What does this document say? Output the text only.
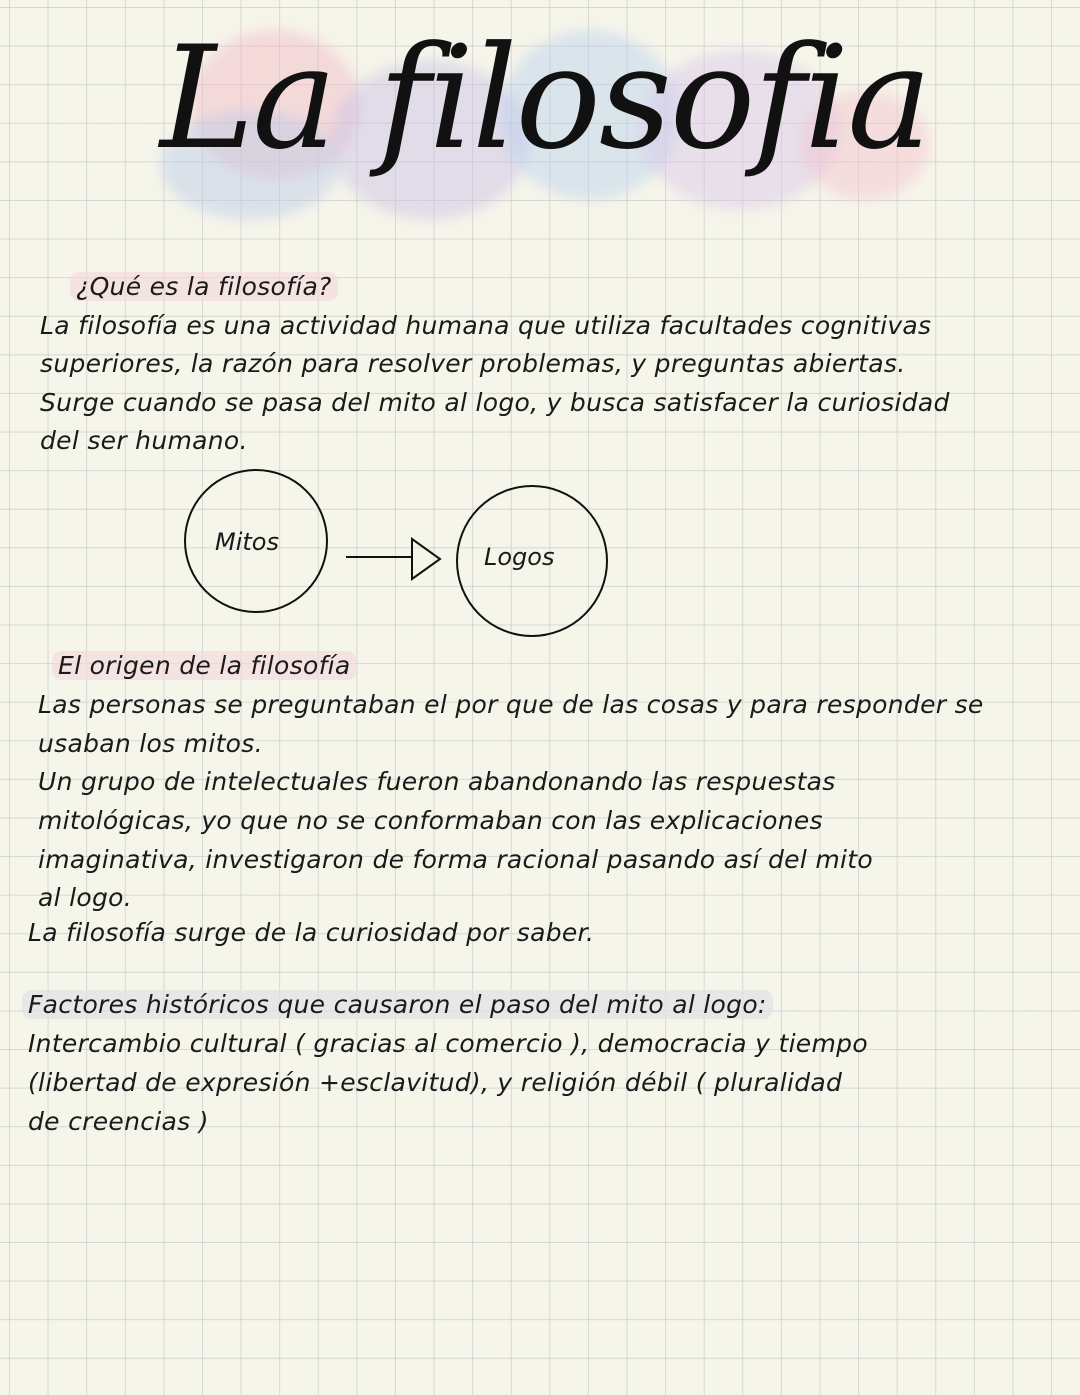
La filosofia
¿Qué es la filosofía?
La filosofía es una actividad humana que utiliza facultades cognitivas
superiores, la razón para resolver problemas, y preguntas abiertas.
Surge cuando se pasa del mito al logo, y busca satisfacer la curiosidad
del ser humano.
Mitos
Logos
El origen de la filosofía
Las personas se preguntaban el por que de las cosas y para responder se
usaban los mitos.
Un grupo de intelectuales fueron abandonando las respuestas
mitológicas, yo que no se conformaban con las explicaciones
imaginativa, investigaron de forma racional pasando así del mito
al logo.
La filosofía surge de la curiosidad por saber.
Factores históricos que causaron el paso del mito al logo:
Intercambio cultural ( gracias al comercio ), democracia y tiempo
(libertad de expresión +esclavitud), y religión débil ( pluralidad
de creencias )
